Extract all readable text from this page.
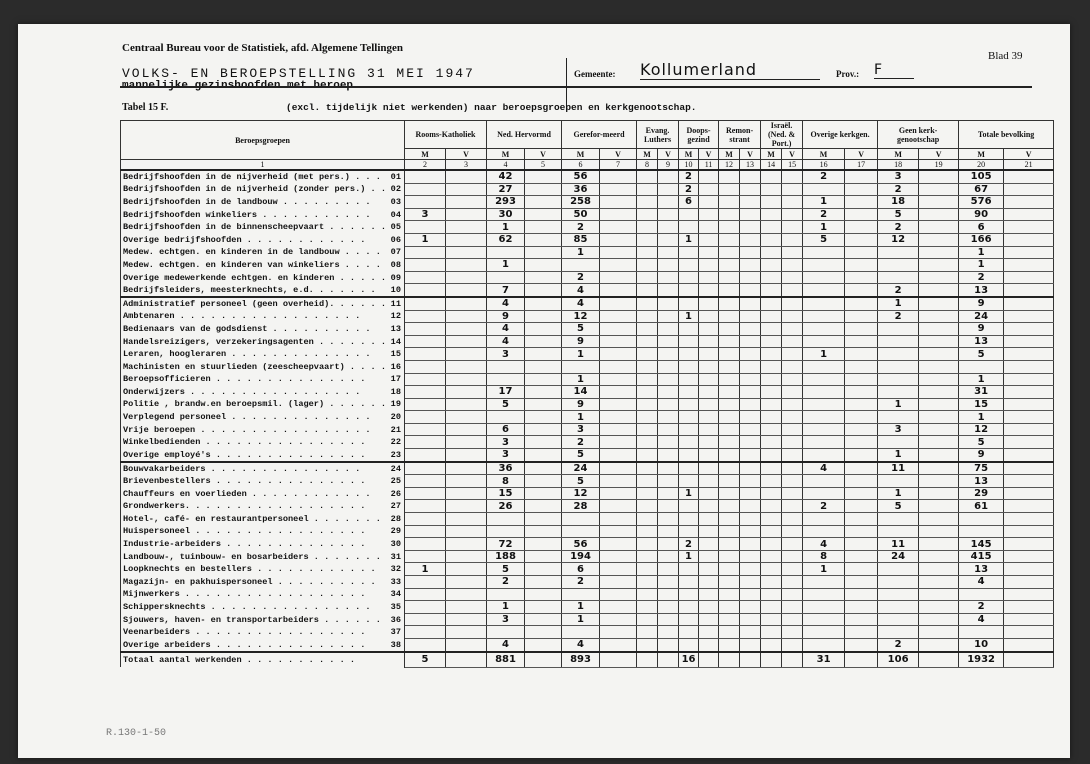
Centraal Bureau voor de Statistiek, afd. Algemene Tellingen
VOLKS- EN BEROEPSTELLING 31 MEI 1947
mannelijke gezinshoofden met beroep
Gemeente: Kollumerland	Prov.: F
Blad 39
Tabel 15 F.	(excl. tijdelijk niet werkenden) naar beroepsgroepen en kerkgenootschap.
Beroepsgroepen	Rooms-Katholiek		Ned. Hervormd		Gerefor-meerd		Evang. Luthers		Doops-gezind		Remon-strant		Israël. (Ned. & Port.)		Overige kerkgen.		Geen kerk-genootschap		Totale bevolking	
	M	V	M	V	M	V	M	V	M	V	M	V	M	V	M	V	M	V	M	V
1	2	3	4	5	6	7	8	9	10	11	12	13	14	15	16	17	18	19	20	21

01
Bedrijfshoofden in de nijverheid (met pers.) . . .			42		56				2						2		3		105	

02
Bedrijfshoofden in de nijverheid (zonder pers.) . .			27		36				2								2		67	

03
Bedrijfshoofden in de landbouw . . . . . . . . .			293		258				6						1		18		576	

04
Bedrijfshoofden winkeliers . . . . . . . . . . .	3		30		50										2		5		90	

05
Bedrijfshoofden in de binnenscheepvaart . . . . . .			1		2										1		2		6	

06
Overige bedrijfshoofden . . . . . . . . . . . .	1		62		85				1						5		12		166	

07
Medew. echtgen. en kinderen in de landbouw . . . .					1														1	

08
Medew. echtgen. en kinderen van winkeliers . . . .			1																1	

09
Overige medewerkende echtgen. en kinderen . . . . .					2														2	

10
Bedrijfsleiders, meesterknechts, e.d. . . . . . .			7		4												2		13	

11
Administratief personeel (geen overheid). . . . . .			4		4												1		9	

12
Ambtenaren . . . . . . . . . . . . . . . . . .			9		12				1								2		24	

13
Bedienaars van de godsdienst . . . . . . . . . .			4		5														9	

14
Handelsreizigers, verzekeringsagenten . . . . . . .			4		9														13	

15
Leraren, hoogleraren . . . . . . . . . . . . . .			3		1										1				5	

16
Machinisten en stuurlieden (zeescheepvaart) . . . .																				

17
Beroepsofficieren . . . . . . . . . . . . . . .					1														1	

18
Onderwijzers . . . . . . . . . . . . . . . . .			17		14														31	

19
Politie , brandw.en beroepsmil. (lager) . . . . . .			5		9												1		15	

20
Verplegend personeel . . . . . . . . . . . . . .					1														1	

21
Vrije beroepen . . . . . . . . . . . . . . . . .			6		3												3		12	

22
Winkelbedienden . . . . . . . . . . . . . . . .			3		2														5	

23
Overige employé's . . . . . . . . . . . . . . .			3		5												1		9	

24
Bouwvakarbeiders . . . . . . . . . . . . . . .			36		24										4		11		75	

25
Brievenbestellers . . . . . . . . . . . . . . .			8		5														13	

26
Chauffeurs en voerlieden . . . . . . . . . . . .			15		12				1								1		29	

27
Grondwerkers. . . . . . . . . . . . . . . . . .			26		28										2		5		61	

28
Hotel-, café- en restaurantpersoneel . . . . . . .																				

29
Huispersoneel . . . . . . . . . . . . . . . . .																				

30
Industrie-arbeiders . . . . . . . . . . . . . .			72		56				2						4		11		145	

31
Landbouw-, tuinbouw- en bosarbeiders . . . . . . .			188		194				1						8		24		415	

32
Loopknechts en bestellers . . . . . . . . . . . .	1		5		6										1				13	

33
Magazijn- en pakhuispersoneel . . . . . . . . . .			2		2														4	

34
Mijnwerkers . . . . . . . . . . . . . . . . . .																				

35
Schippersknechts . . . . . . . . . . . . . . . .			1		1														2	

36
Sjouwers, haven- en transportarbeiders . . . . . .			3		1														4	

37
Veenarbeiders . . . . . . . . . . . . . . . . .																				

38
Overige arbeiders . . . . . . . . . . . . . . .			4		4												2		10	
Totaal aantal werkenden . . . . . . . . . . .	5		881		893				16						31		106		1932	
R.130-1-50
